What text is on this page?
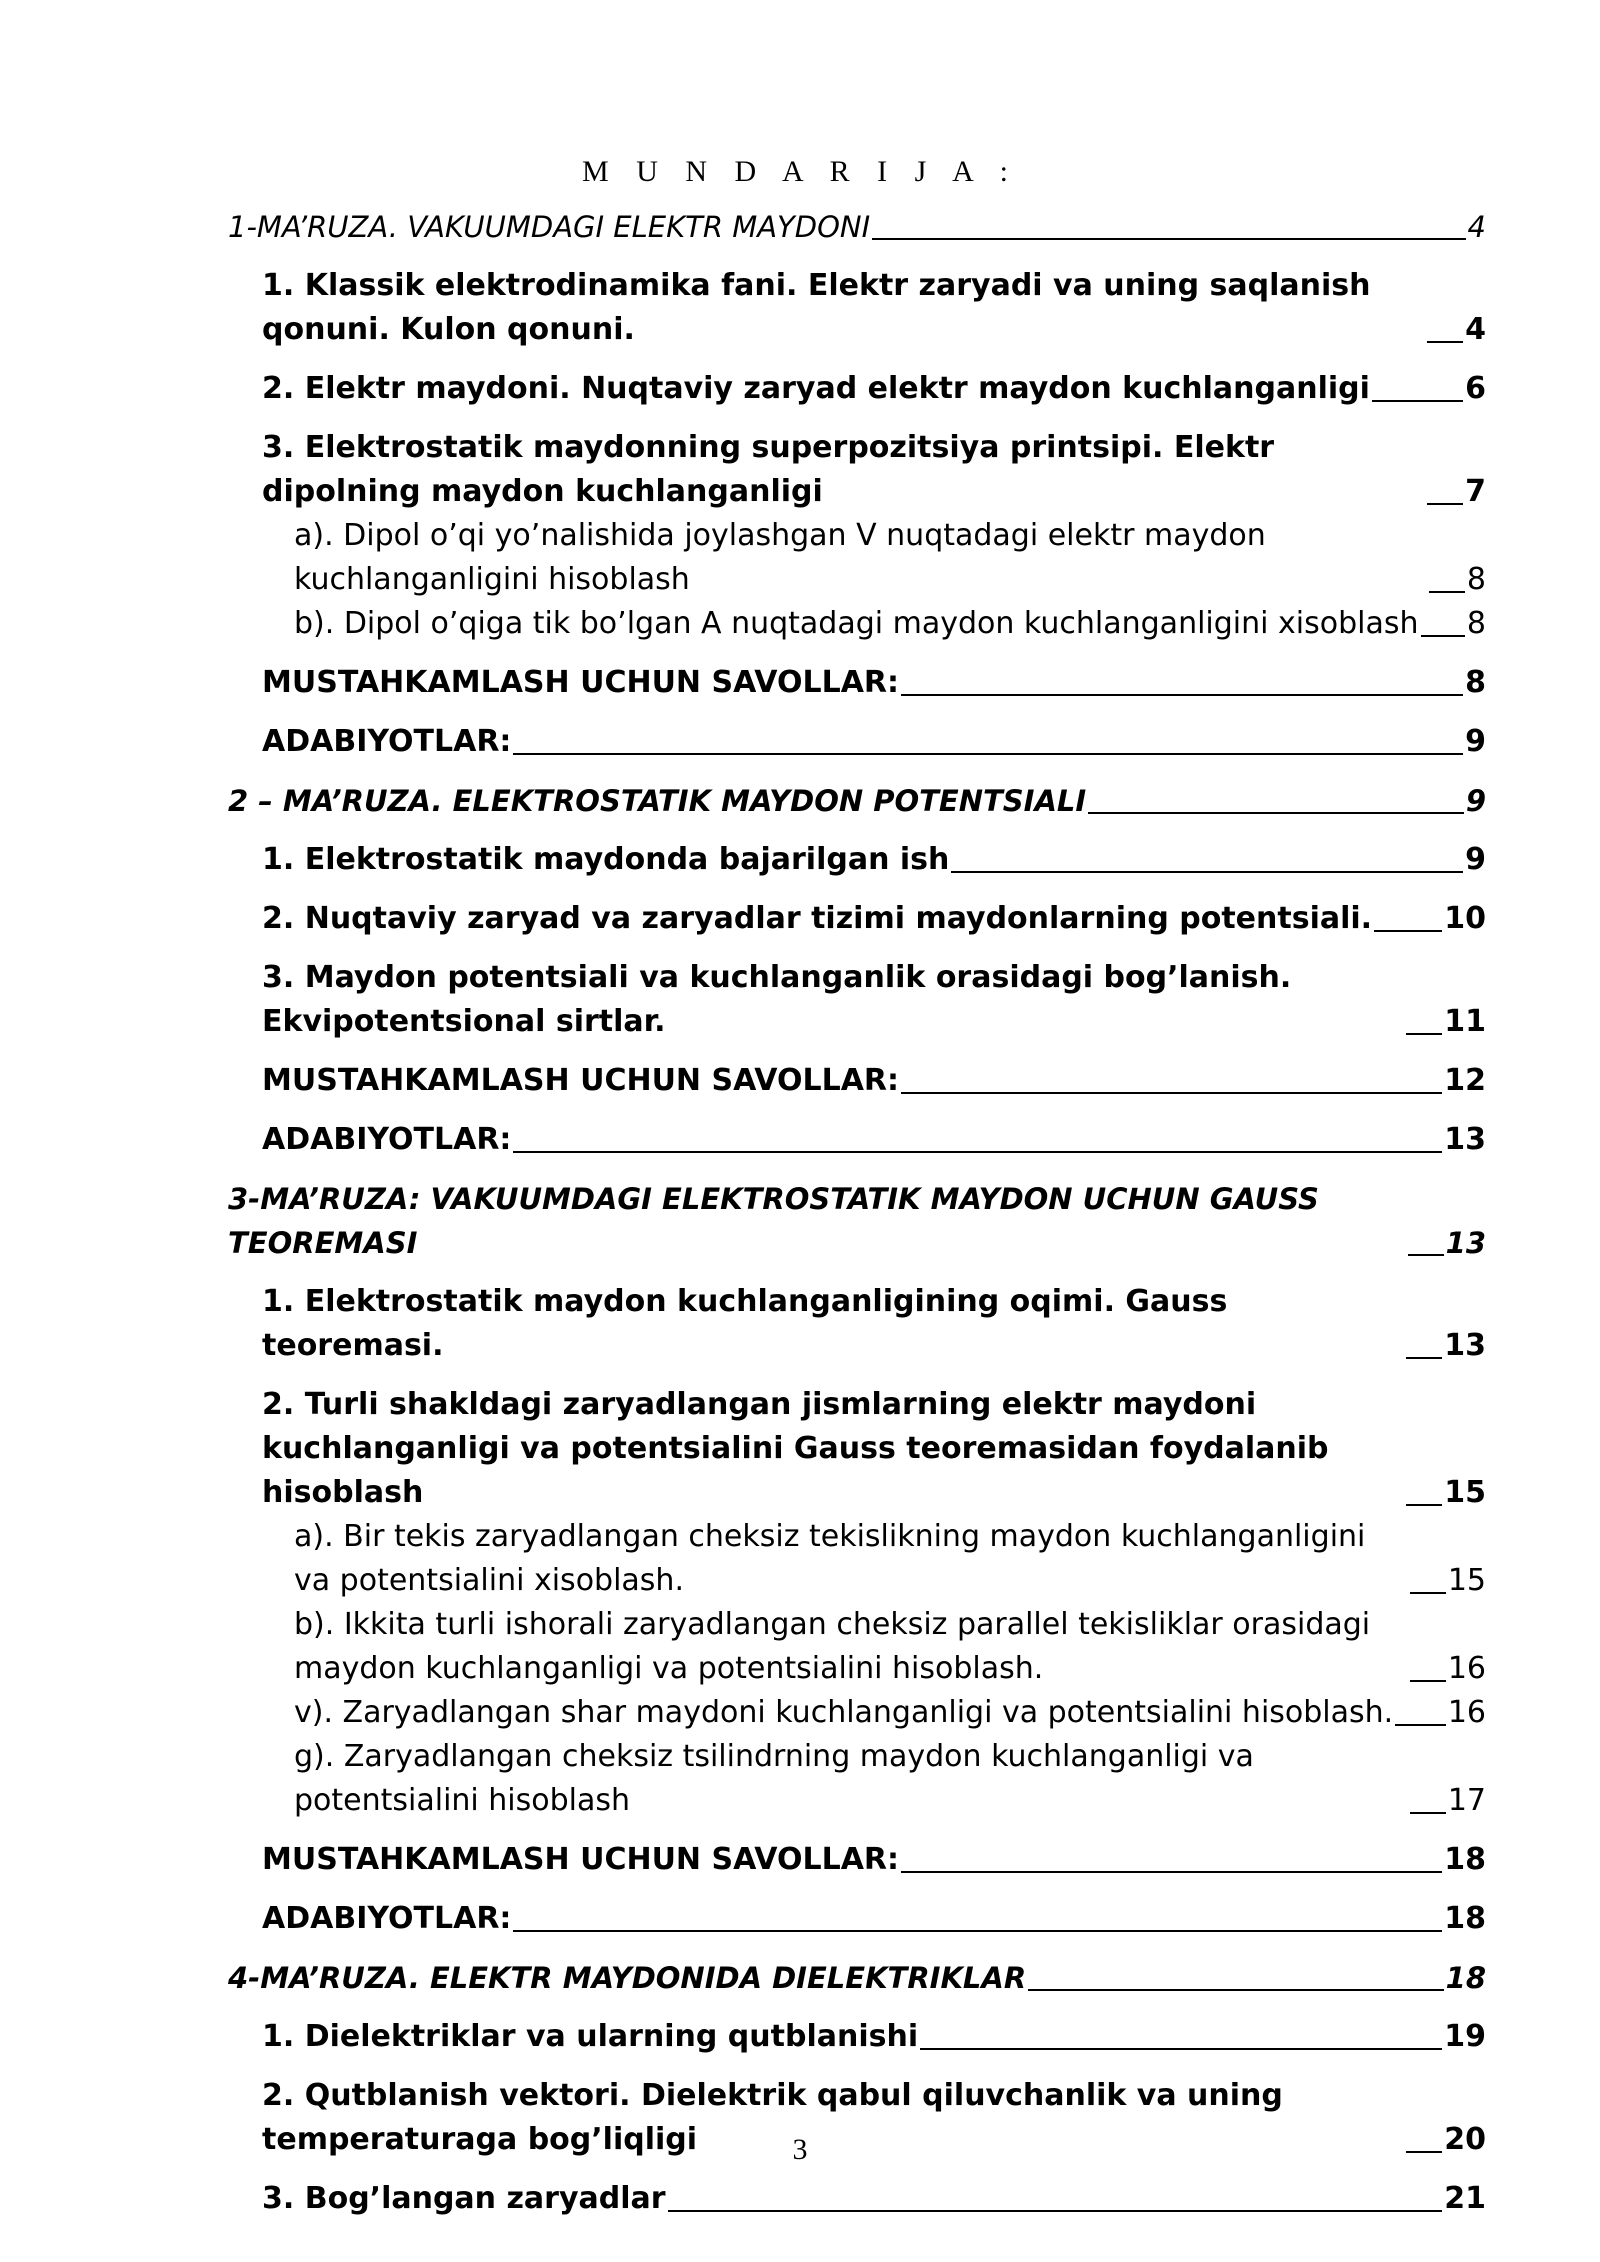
M U N D A R I J A :
1-MA’RUZA. VAKUUMDAGI ELEKTR MAYDONI	4
1. Klassik elektrodinamika fani. Elektr zaryadi va uning saqlanish qonuni. Kulon qonuni.	4
2. Elektr maydoni. Nuqtaviy zaryad elektr maydon kuchlanganligi	6
3. Elektrostatik maydonning superpozitsiya printsipi. Elektr dipolning maydon kuchlanganligi	7
a). Dipol o’qi yo’nalishida joylashgan V nuqtadagi elektr maydon kuchlanganligini hisoblash	8
b). Dipol o’qiga tik bo’lgan A nuqtadagi maydon kuchlanganligini xisoblash 8
MUSTAHKAMLASH UCHUN SAVOLLAR:	8
ADABIYOTLAR:	9
2 – MA’RUZA. ELEKTROSTATIK MAYDON POTENTSIALI	9
1. Elektrostatik maydonda bajarilgan ish	9
2. Nuqtaviy zaryad va zaryadlar tizimi maydonlarning potentsiali. 10
3. Maydon potentsiali va kuchlanganlik orasidagi bog’lanish. Ekvipotentsional sirtlar.	11
MUSTAHKAMLASH UCHUN SAVOLLAR:	12
ADABIYOTLAR:	13
3-MA’RUZA: VAKUUMDAGI ELEKTROSTATIK MAYDON UCHUN GAUSS TEOREMASI	13
1. Elektrostatik maydon kuchlanganligining oqimi. Gauss teoremasi.	13
2. Turli shakldagi zaryadlangan jismlarning elektr maydoni kuchlanganligi va potentsialini Gauss teoremasidan foydalanib hisoblash	15
a). Bir tekis zaryadlangan cheksiz tekislikning maydon kuchlanganligini va potentsialini xisoblash.	15
b). Ikkita turli ishorali zaryadlangan cheksiz parallel tekisliklar orasidagi maydon kuchlanganligi va potentsialini hisoblash.	16
v). Zaryadlangan shar maydoni kuchlanganligi va potentsialini hisoblash. 16
g). Zaryadlangan cheksiz tsilindrning maydon kuchlanganligi va potentsialini hisoblash	17
MUSTAHKAMLASH UCHUN SAVOLLAR:	18
ADABIYOTLAR:	18
4-MA’RUZA. ELEKTR MAYDONIDA DIELEKTRIKLAR	18
1. Dielektriklar va ularning qutblanishi	19
2. Qutblanish vektori. Dielektrik qabul qiluvchanlik va uning temperaturaga bog’liqligi	20
3. Bog’langan zaryadlar	21
3
